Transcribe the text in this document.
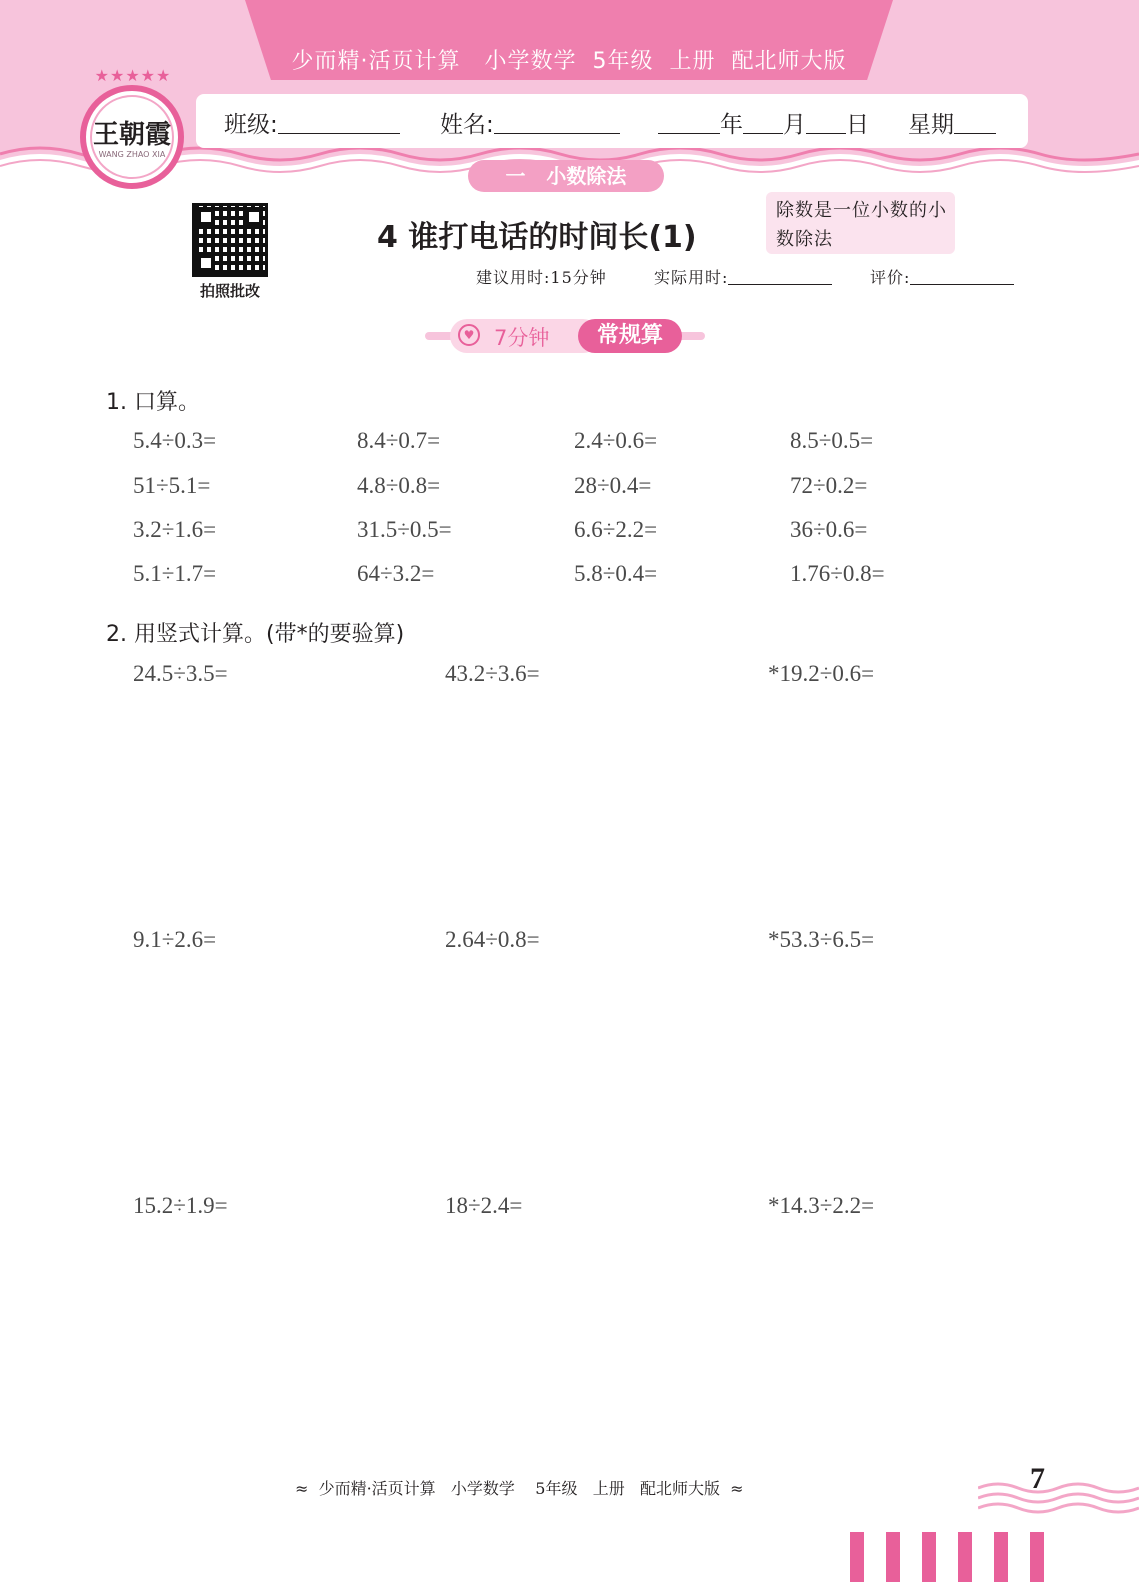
少而精·活页计算   小学数学  5年级  上册  配北师大版
★★★★★
王朝霞
WANG ZHAO XIA
班级:	姓名:	年 月 日 星期
一   小数除法
拍照批改
4 谁打电话的时间长(1)
除数是一位小数的小数除法
建议用时:15分钟	实际用时:	评价:
♥ 7分钟	常规算
1. 口算。
5.4÷0.3=	8.4÷0.7=	2.4÷0.6=	8.5÷0.5=
51÷5.1=	4.8÷0.8=	28÷0.4=	72÷0.2=
3.2÷1.6=	31.5÷0.5=	6.6÷2.2=	36÷0.6=
5.1÷1.7=	64÷3.2=	5.8÷0.4=	1.76÷0.8=
2. 用竖式计算。(带*的要验算)
24.5÷3.5=	43.2÷3.6=	*19.2÷0.6=
9.1÷2.6=	2.64÷0.8=	*53.3÷6.5=
15.2÷1.9=	18÷2.4=	*14.3÷2.2=
≈  少而精·活页计算   小学数学    5年级   上册   配北师大版  ≈	7
